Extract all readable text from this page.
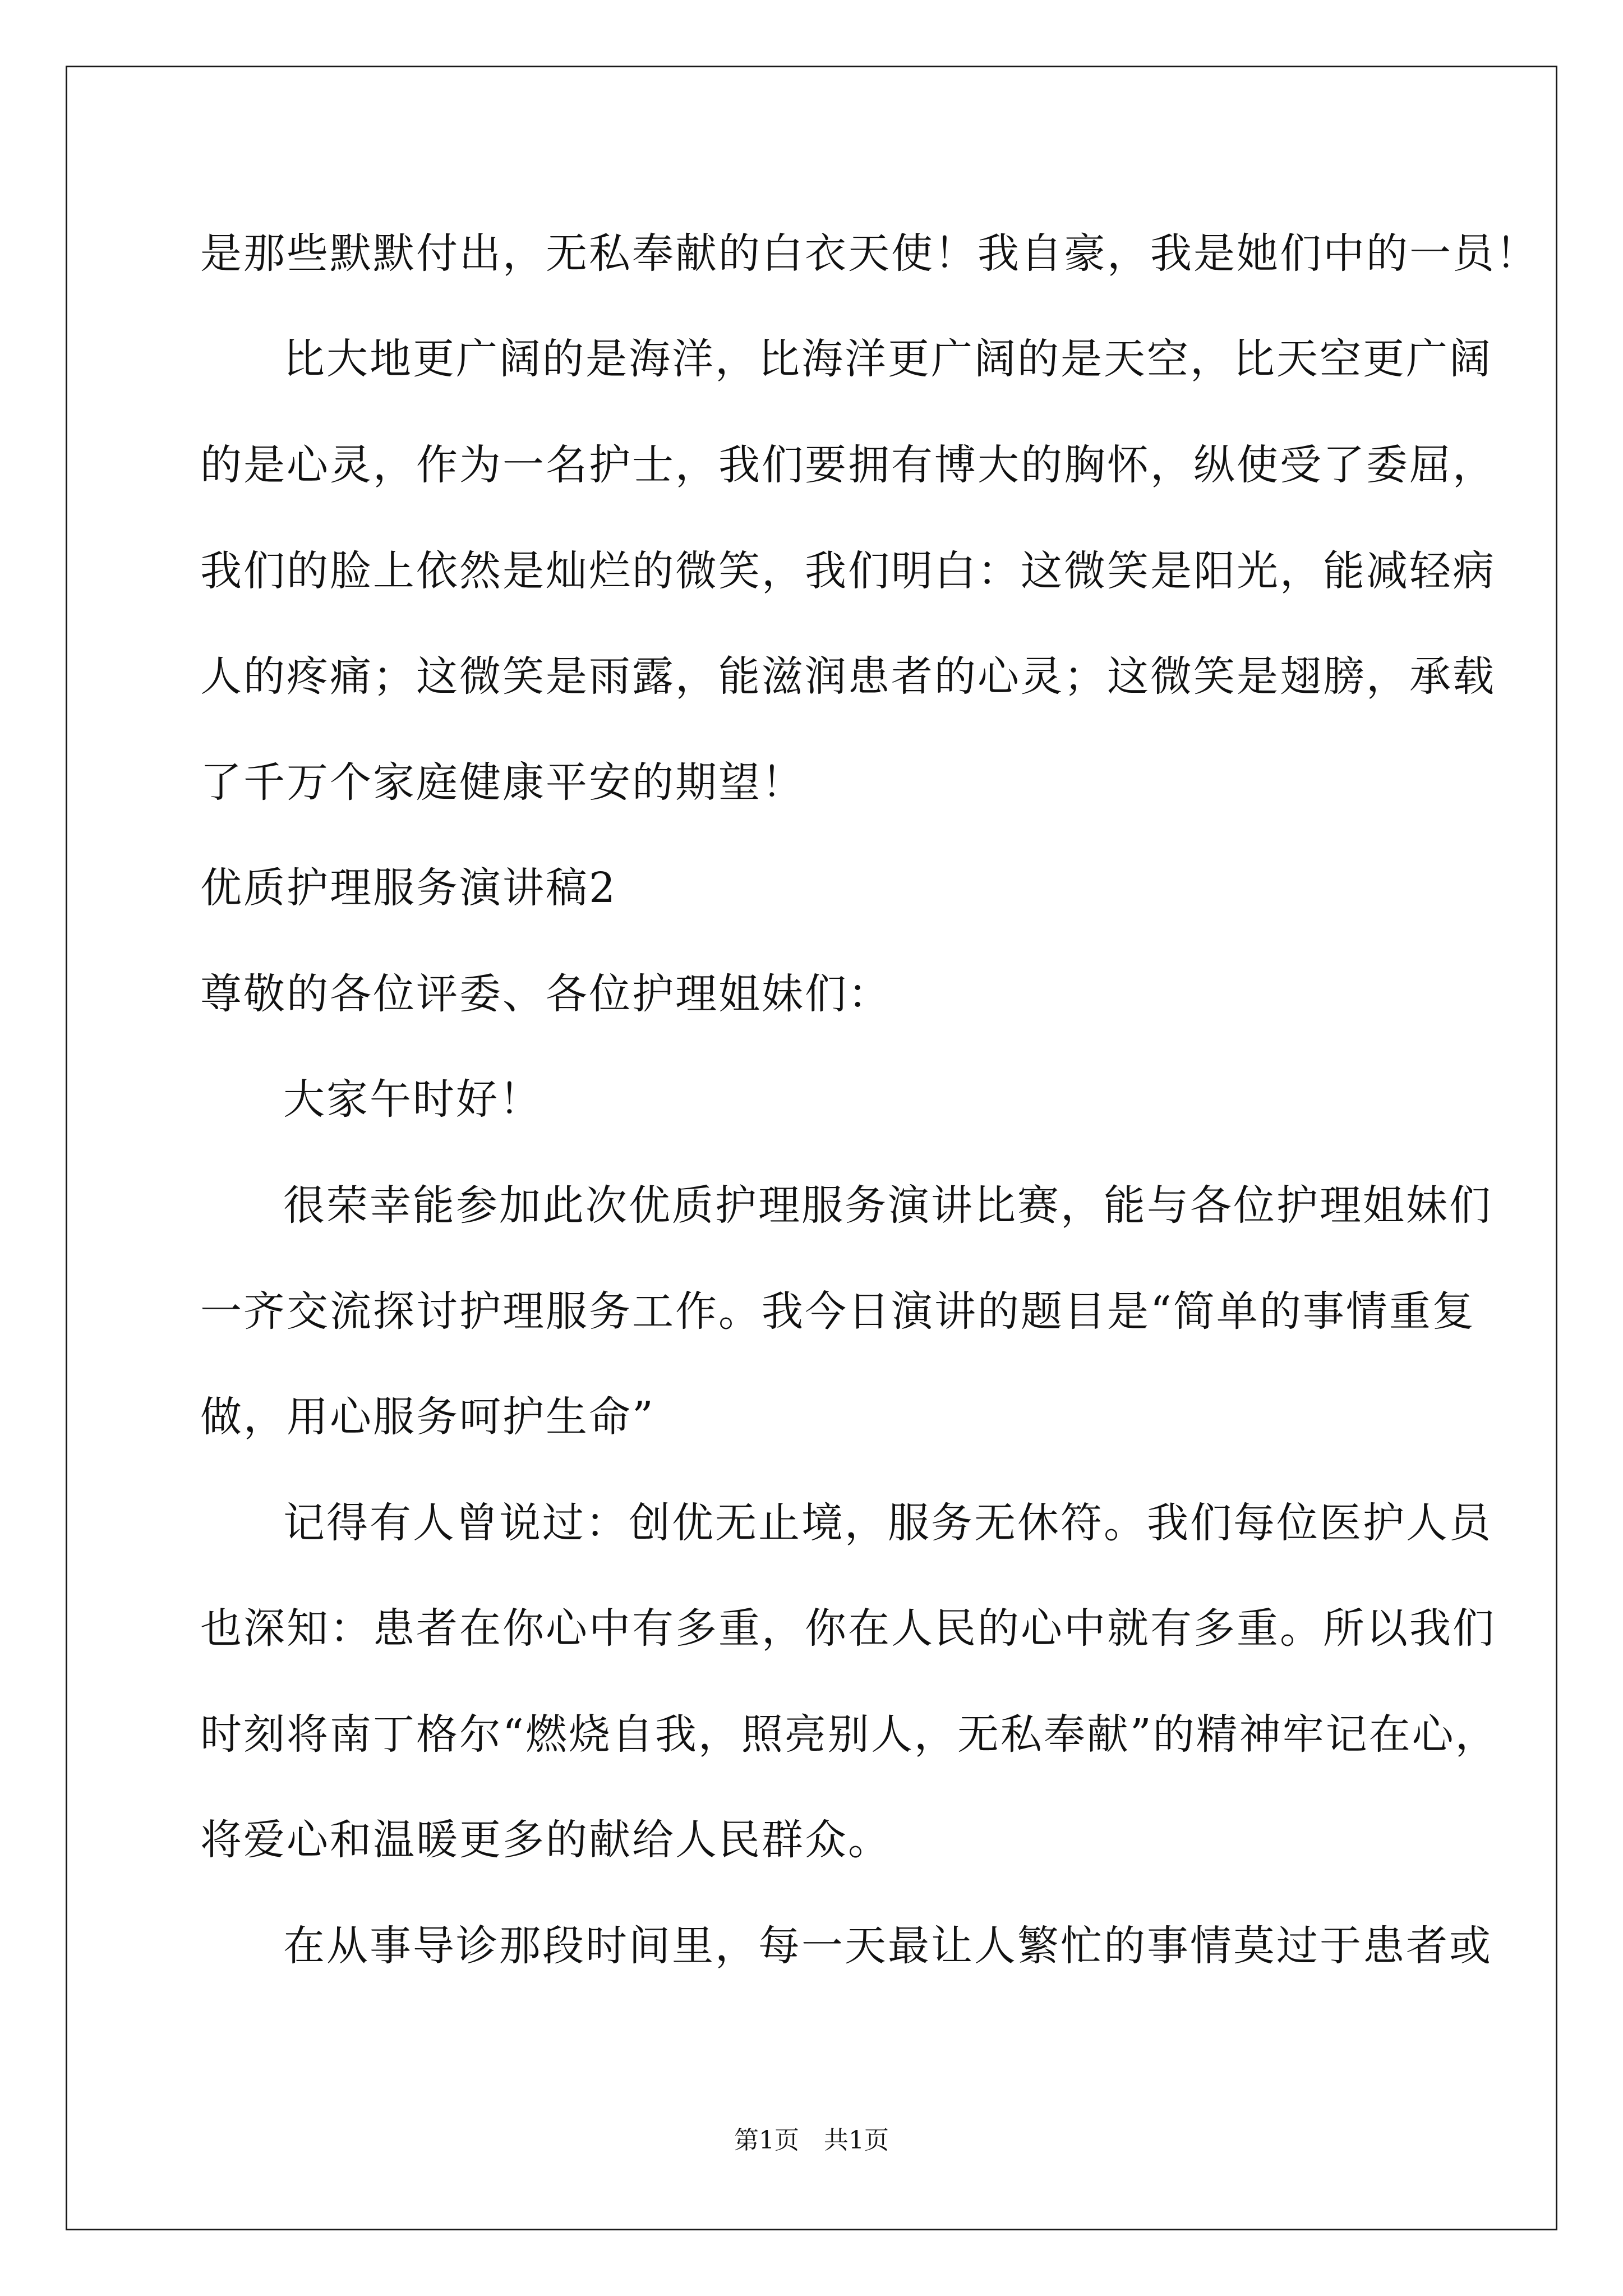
是那些默默付出，无私奉献的白衣天使！我自豪，我是她们中的一员！
比大地更广阔的是海洋，比海洋更广阔的是天空，比天空更广阔
的是心灵，作为一名护士，我们要拥有博大的胸怀，纵使受了委屈，
我们的脸上依然是灿烂的微笑，我们明白：这微笑是阳光，能减轻病
人的疼痛；这微笑是雨露，能滋润患者的心灵；这微笑是翅膀，承载
了千万个家庭健康平安的期望！
优质护理服务演讲稿2
尊敬的各位评委、各位护理姐妹们：
大家午时好！
很荣幸能参加此次优质护理服务演讲比赛，能与各位护理姐妹们
一齐交流探讨护理服务工作。我今日演讲的题目是“简单的事情重复
做，用心服务呵护生命”
记得有人曾说过：创优无止境，服务无休符。我们每位医护人员
也深知：患者在你心中有多重，你在人民的心中就有多重。所以我们
时刻将南丁格尔“燃烧自我，照亮别人，无私奉献”的精神牢记在心，
将爱心和温暖更多的献给人民群众。
在从事导诊那段时间里，每一天最让人繁忙的事情莫过于患者或
第1页　共1页
